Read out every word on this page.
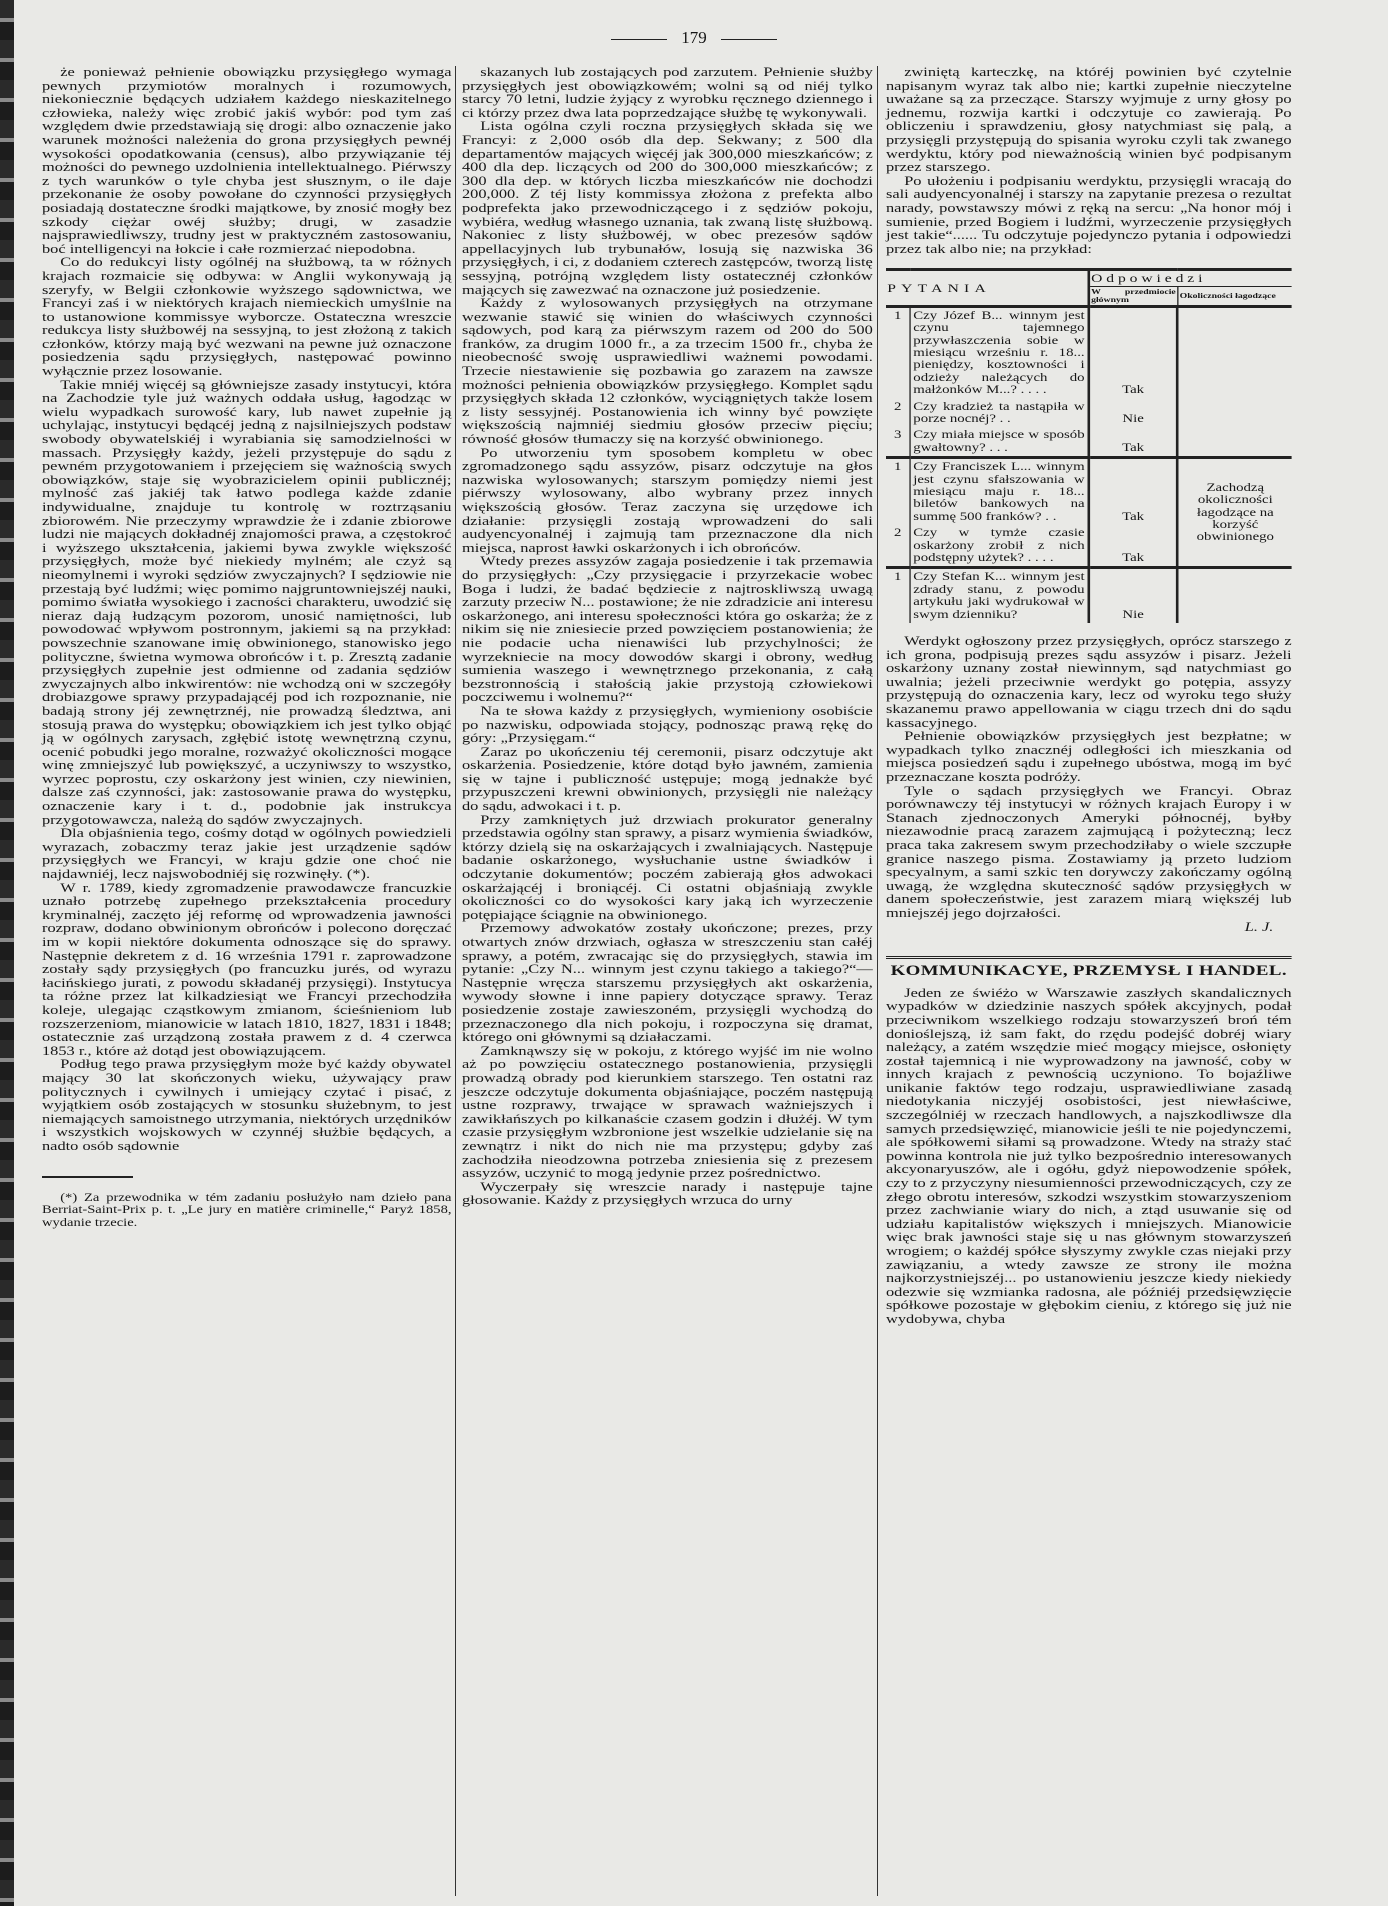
179

że ponieważ pełnienie obowiązku przysięgłego wymaga pewnych przymiotów moralnych i rozumowych, niekoniecznie będących udziałem każdego nieskazitelnego człowieka, należy więc zrobić jakiś wybór: pod tym zaś względem dwie przedstawiają się drogi: albo oznaczenie jako warunek możności należenia do grona przysięgłych pewnéj wysokości opodatkowania (census), albo przywiązanie téj możności do pewnego uzdolnienia intellektualnego. Piérwszy z tych warunków o tyle chyba jest słusznym, o ile daje przekonanie że osoby powołane do czynności przysięgłych posiadają dostateczne środki majątkowe, by znosić mogły bez szkody ciężar owéj służby; drugi, w zasadzie najsprawiedliwszy, trudny jest w praktyczném zastosowaniu, boć intelligencyi na łokcie i całe rozmierzać niepodobna.

Co do redukcyi listy ogólnéj na służbową, ta w różnych krajach rozmaicie się odbywa: w Anglii wykonywają ją szeryfy, w Belgii członkowie wyższego sądownictwa, we Francyi zaś i w niektórych krajach niemieckich umyślnie na to ustanowione kommissye wyborcze. Ostateczna wreszcie redukcya listy służbowéj na sessyjną, to jest złożoną z takich członków, którzy mają być wezwani na pewne już oznaczone posiedzenia sądu przysięgłych, następować powinno wyłącznie przez losowanie.

Takie mniéj więcéj są główniejsze zasady instytucyi, która na Zachodzie tyle już ważnych oddała usług, łagodząc w wielu wypadkach surowość kary, lub nawet zupełnie ją uchylając, instytucyi będącéj jedną z najsilniejszych podstaw swobody obywatelskiéj i wyrabiania się samodzielności w massach. Przysięgły każdy, jeżeli przystępuje do sądu z pewném przygotowaniem i przejęciem się ważnością swych obowiązków, staje się wyobrazicielem opinii publicznéj; mylność zaś jakiéj tak łatwo podlega każde zdanie indywidualne, znajduje tu kontrolę w roztrząsaniu zbiorowém. Nie przeczymy wprawdzie że i zdanie zbiorowe ludzi nie mających dokładnéj znajomości prawa, a częstokroć i wyższego ukształcenia, jakiemi bywa zwykle większość przysięgłych, może być niekiedy mylném; ale czyż są nieomylnemi i wyroki sędziów zwyczajnych? I sędziowie nie przestają być ludźmi; więc pomimo najgruntowniejszéj nauki, pomimo światła wysokiego i zacności charakteru, uwodzić się nieraz dają łudzącym pozorom, unosić namiętności, lub powodować wpływom postronnym, jakiemi są na przykład: powszechnie szanowane imię obwinionego, stanowisko jego polityczne, świetna wymowa obrońców i t. p. Zresztą zadanie przysięgłych zupełnie jest odmienne od zadania sędziów zwyczajnych albo inkwirentów: nie wchodzą oni w szczegóły drobiazgowe sprawy przypadającéj pod ich rozpoznanie, nie badają strony jéj zewnętrznéj, nie prowadzą śledztwa, ani stosują prawa do występku; obowiązkiem ich jest tylko objąć ją w ogólnych zarysach, zgłębić istotę wewnętrzną czynu, ocenić pobudki jego moralne, rozważyć okoliczności mogące winę zmniejszyć lub powiększyć, a uczyniwszy to wszystko, wyrzec poprostu, czy oskarżony jest winien, czy niewinien, dalsze zaś czynności, jak: zastosowanie prawa do występku, oznaczenie kary i t. d., podobnie jak instrukcya przygotowawcza, należą do sądów zwyczajnych.

Dla objaśnienia tego, cośmy dotąd w ogólnych powiedzieli wyrazach, zobaczmy teraz jakie jest urządzenie sądów przysięgłych we Francyi, w kraju gdzie one choć nie najdawniéj, lecz najswobodniéj się rozwinęły. (*).

W r. 1789, kiedy zgromadzenie prawodawcze francuzkie uznało potrzebę zupełnego przekształcenia procedury kryminalnéj, zaczęto jéj reformę od wprowadzenia jawności rozpraw, dodano obwinionym obrońców i polecono doręczać im w kopii niektóre dokumenta odnoszące się do sprawy. Następnie dekretem z d. 16 września 1791 r. zaprowadzone zostały sądy przysięgłych (po francuzku jurés, od wyrazu łacińskiego jurati, z powodu składanéj przysięgi). Instytucya ta różne przez lat kilkadziesiąt we Francyi przechodziła koleje, ulegając cząstkowym zmianom, ścieśnieniom lub rozszerzeniom, mianowicie w latach 1810, 1827, 1831 i 1848; ostatecznie zaś urządzoną została prawem z d. 4 czerwca 1853 r., które aż dotąd jest obowiązującem.

Podług tego prawa przysięgłym może być każdy obywatel mający 30 lat skończonych wieku, używający praw politycznych i cywilnych i umiejący czytać i pisać, z wyjątkiem osób zostających w stosunku służebnym, to jest niemających samoistnego utrzymania, niektórych urzędników i wszystkich wojskowych w czynnéj służbie będących, a nadto osób sądownie

(*) Za przewodnika w tém zadaniu posłużyło nam dzieło pana Berriat-Saint-Prix p. t. „Le jury en matière criminelle,“ Paryż 1858, wydanie trzecie.

skazanych lub zostających pod zarzutem. Pełnienie służby przysięgłych jest obowiązkowém; wolni są od niéj tylko starcy 70 letni, ludzie żyjący z wyrobku ręcznego dziennego i ci którzy przez dwa lata poprzedzające służbę tę wykonywali.

Lista ogólna czyli roczna przysięgłych składa się we Francyi: z 2,000 osób dla dep. Sekwany; z 500 dla departamentów mających więcéj jak 300,000 mieszkańców; z 400 dla dep. liczących od 200 do 300,000 mieszkańców; z 300 dla dep. w których liczba mieszkańców nie dochodzi 200,000. Z téj listy kommissya złożona z prefekta albo podprefekta jako przewodniczącego i z sędziów pokoju, wybiéra, według własnego uznania, tak zwaną listę służbową. Nakoniec z listy służbowéj, w obec prezesów sądów appellacyjnych lub trybunałów, losują się nazwiska 36 przysięgłych, i ci, z dodaniem czterech zastępców, tworzą listę sessyjną, potrójną względem listy ostatecznéj członków mających się zawezwać na oznaczone już posiedzenie.

Każdy z wylosowanych przysięgłych na otrzymane wezwanie stawić się winien do właściwych czynności sądowych, pod karą za piérwszym razem od 200 do 500 franków, za drugim 1000 fr., a za trzecim 1500 fr., chyba że nieobecność swoję usprawiedliwi ważnemi powodami. Trzecie niestawienie się pozbawia go zarazem na zawsze możności pełnienia obowiązków przysięgłego. Komplet sądu przysięgłych składa 12 członków, wyciągniętych także losem z listy sessyjnéj. Postanowienia ich winny być powzięte większością najmniéj siedmiu głosów przeciw pięciu; równość głosów tłumaczy się na korzyść obwinionego.

Po utworzeniu tym sposobem kompletu w obec zgromadzonego sądu assyzów, pisarz odczytuje na głos nazwiska wylosowanych; starszym pomiędzy niemi jest piérwszy wylosowany, albo wybrany przez innych większością głosów. Teraz zaczyna się urzędowe ich działanie: przysięgli zostają wprowadzeni do sali audyencyonalnéj i zajmują tam przeznaczone dla nich miejsca, naprost ławki oskarżonych i ich obrońców.

Wtedy prezes assyzów zagaja posiedzenie i tak przemawia do przysięgłych: „Czy przysięgacie i przyrzekacie wobec Boga i ludzi, że badać będziecie z najtroskliwszą uwagą zarzuty przeciw N... postawione; że nie zdradzicie ani interesu oskarżonego, ani interesu społeczności która go oskarża; że z nikim się nie zniesiecie przed powzięciem postanowienia; że nie podacie ucha nienawiści lub przychylności; że wyrzekniecie na mocy dowodów skargi i obrony, według sumienia waszego i wewnętrznego przekonania, z całą bezstronnością i stałością jakie przystoją człowiekowi poczciwemu i wolnemu?“

Na te słowa każdy z przysięgłych, wymieniony osobiście po nazwisku, odpowiada stojący, podnosząc prawą rękę do góry: „Przysięgam.“

Zaraz po ukończeniu téj ceremonii, pisarz odczytuje akt oskarżenia. Posiedzenie, które dotąd było jawném, zamienia się w tajne i publiczność ustępuje; mogą jednakże być przypuszczeni krewni obwinionych, przysięgli nie należący do sądu, adwokaci i t. p.

Przy zamkniętych już drzwiach prokurator generalny przedstawia ogólny stan sprawy, a pisarz wymienia świadków, którzy dzielą się na oskarżających i zwalniających. Następuje badanie oskarżonego, wysłuchanie ustne świadków i odczytanie dokumentów; poczém zabierają głos adwokaci oskarżającéj i broniącéj. Ci ostatni objaśniają zwykle okoliczności co do wysokości kary jaką ich wyrzeczenie potępiające ściągnie na obwinionego.

Przemowy adwokatów zostały ukończone; prezes, przy otwartych znów drzwiach, ogłasza w streszczeniu stan całéj sprawy, a potém, zwracając się do przysięgłych, stawia im pytanie: „Czy N... winnym jest czynu takiego a takiego?“—Następnie wręcza starszemu przysięgłych akt oskarżenia, wywody słowne i inne papiery dotyczące sprawy. Teraz posiedzenie zostaje zawieszoném, przysięgli wychodzą do przeznaczonego dla nich pokoju, i rozpoczyna się dramat, którego oni głównymi są działaczami.

Zamknąwszy się w pokoju, z którego wyjść im nie wolno aż po powzięciu ostatecznego postanowienia, przysięgli prowadzą obrady pod kierunkiem starszego. Ten ostatni raz jeszcze odczytuje dokumenta objaśniające, poczém następują ustne rozprawy, trwające w sprawach ważniejszych i zawikłańszych po kilkanaście czasem godzin i dłużéj. W tym czasie przysięgłym wzbronione jest wszelkie udzielanie się na zewnątrz i nikt do nich nie ma przystępu; gdyby zaś zachodziła nieodzowna potrzeba zniesienia się z prezesem assyzów, uczynić to mogą jedynie przez pośrednictwo.

Wyczerpały się wreszcie narady i następuje tajne głosowanie. Każdy z przysięgłych wrzuca do urny

zwiniętą karteczkę, na któréj powinien być czytelnie napisanym wyraz tak albo nie; kartki zupełnie nieczytelne uważane są za przeczące. Starszy wyjmuje z urny głosy po jednemu, rozwija kartki i odczytuje co zawierają. Po obliczeniu i sprawdzeniu, głosy natychmiast się palą, a przysięgli przystępują do spisania wyroku czyli tak zwanego werdyktu, który pod nieważnością winien być podpisanym przez starszego.

Po ułożeniu i podpisaniu werdyktu, przysięgli wracają do sali audyencyonalnéj i starszy na zapytanie prezesa o rezultat narady, powstawszy mówi z ręką na sercu: „Na honor mój i sumienie, przed Bogiem i ludźmi, wyrzeczenie przysięgłych jest takie“...... Tu odczytuje pojedynczo pytania i odpowiedzi przez tak albo nie; na przykład:

PYTANIA		Odpowiedzi	
		W przedmiocie głównym	Okoliczności łagodzące
1	Czy Józef B... winnym jest czynu tajemnego przywłaszczenia sobie w miesiącu wrześniu r. 18... pieniędzy, kosztowności i odzieży należących do małżonków M...? . . . .	Tak	
2	Czy kradzież ta nastąpiła w porze nocnéj? . .	Nie	
3	Czy miała miejsce w sposób gwałtowny? . . .	Tak	
1	Czy Franciszek L... winnym jest czynu sfałszowania w miesiącu maju r. 18... biletów bankowych na summę 500 franków? . .	Tak	Zachodzą okoliczności łagodzące na korzyść obwinionego
2	Czy w tymże czasie oskarżony zrobił z nich podstępny użytek? . . . .	Tak	
1	Czy Stefan K... winnym jest zdrady stanu, z powodu artykułu jaki wydrukował w swym dzienniku?	Nie	

Werdykt ogłoszony przez przysięgłych, oprócz starszego z ich grona, podpisują prezes sądu assyzów i pisarz. Jeżeli oskarżony uznany został niewinnym, sąd natychmiast go uwalnia; jeżeli przeciwnie werdykt go potępia, assyzy przystępują do oznaczenia kary, lecz od wyroku tego służy skazanemu prawo appellowania w ciągu trzech dni do sądu kassacyjnego.

Pełnienie obowiązków przysięgłych jest bezpłatne; w wypadkach tylko znacznéj odległości ich mieszkania od miejsca posiedzeń sądu i zupełnego ubóstwa, mogą im być przeznaczane koszta podróży.

Tyle o sądach przysięgłych we Francyi. Obraz porównawczy téj instytucyi w różnych krajach Europy i w Stanach zjednoczonych Ameryki północnéj, byłby niezawodnie pracą zarazem zajmującą i pożyteczną; lecz praca taka zakresem swym przechodziłaby o wiele szczupłe granice naszego pisma. Zostawiamy ją przeto ludziom specyalnym, a sami szkic ten dorywczy zakończamy ogólną uwagą, że względna skuteczność sądów przysięgłych w danem społeczeństwie, jest zarazem miarą większéj lub mniejszéj jego dojrzałości.

L. J.
KOMMUNIKACYE, PRZEMYSŁ I HANDEL.

Jeden ze świéżo w Warszawie zaszłych skandalicznych wypadków w dziedzinie naszych spółek akcyjnych, podał przeciwnikom wszelkiego rodzaju stowarzyszeń broń tém donioślejszą, iż sam fakt, do rzędu podejść dobréj wiary należący, a zatém wszędzie mieć mogący miejsce, osłonięty został tajemnicą i nie wyprowadzony na jawność, coby w innych krajach z pewnością uczyniono. To bojaźliwe unikanie faktów tego rodzaju, usprawiedliwiane zasadą niedotykania niczyjéj osobistości, jest niewłaściwe, szczególniéj w rzeczach handlowych, a najszkodliwsze dla samych przedsięwzięć, mianowicie jeśli te nie pojedynczemi, ale spółkowemi siłami są prowadzone. Wtedy na straży stać powinna kontrola nie już tylko bezpośrednio interesowanych akcyonaryuszów, ale i ogółu, gdyż niepowodzenie spółek, czy to z przyczyny niesumienności przewodniczących, czy ze złego obrotu interesów, szkodzi wszystkim stowarzyszeniom przez zachwianie wiary do nich, a ztąd usuwanie się od udziału kapitalistów większych i mniejszych. Mianowicie więc brak jawności staje się u nas głównym stowarzyszeń wrogiem; o każdéj spółce słyszymy zwykle czas niejaki przy zawiązaniu, a wtedy zawsze ze strony ile można najkorzystniejszéj... po ustanowieniu jeszcze kiedy niekiedy odezwie się wzmianka radosna, ale późniéj przedsięwzięcie spółkowe pozostaje w głębokim cieniu, z którego się już nie wydobywa, chyba
